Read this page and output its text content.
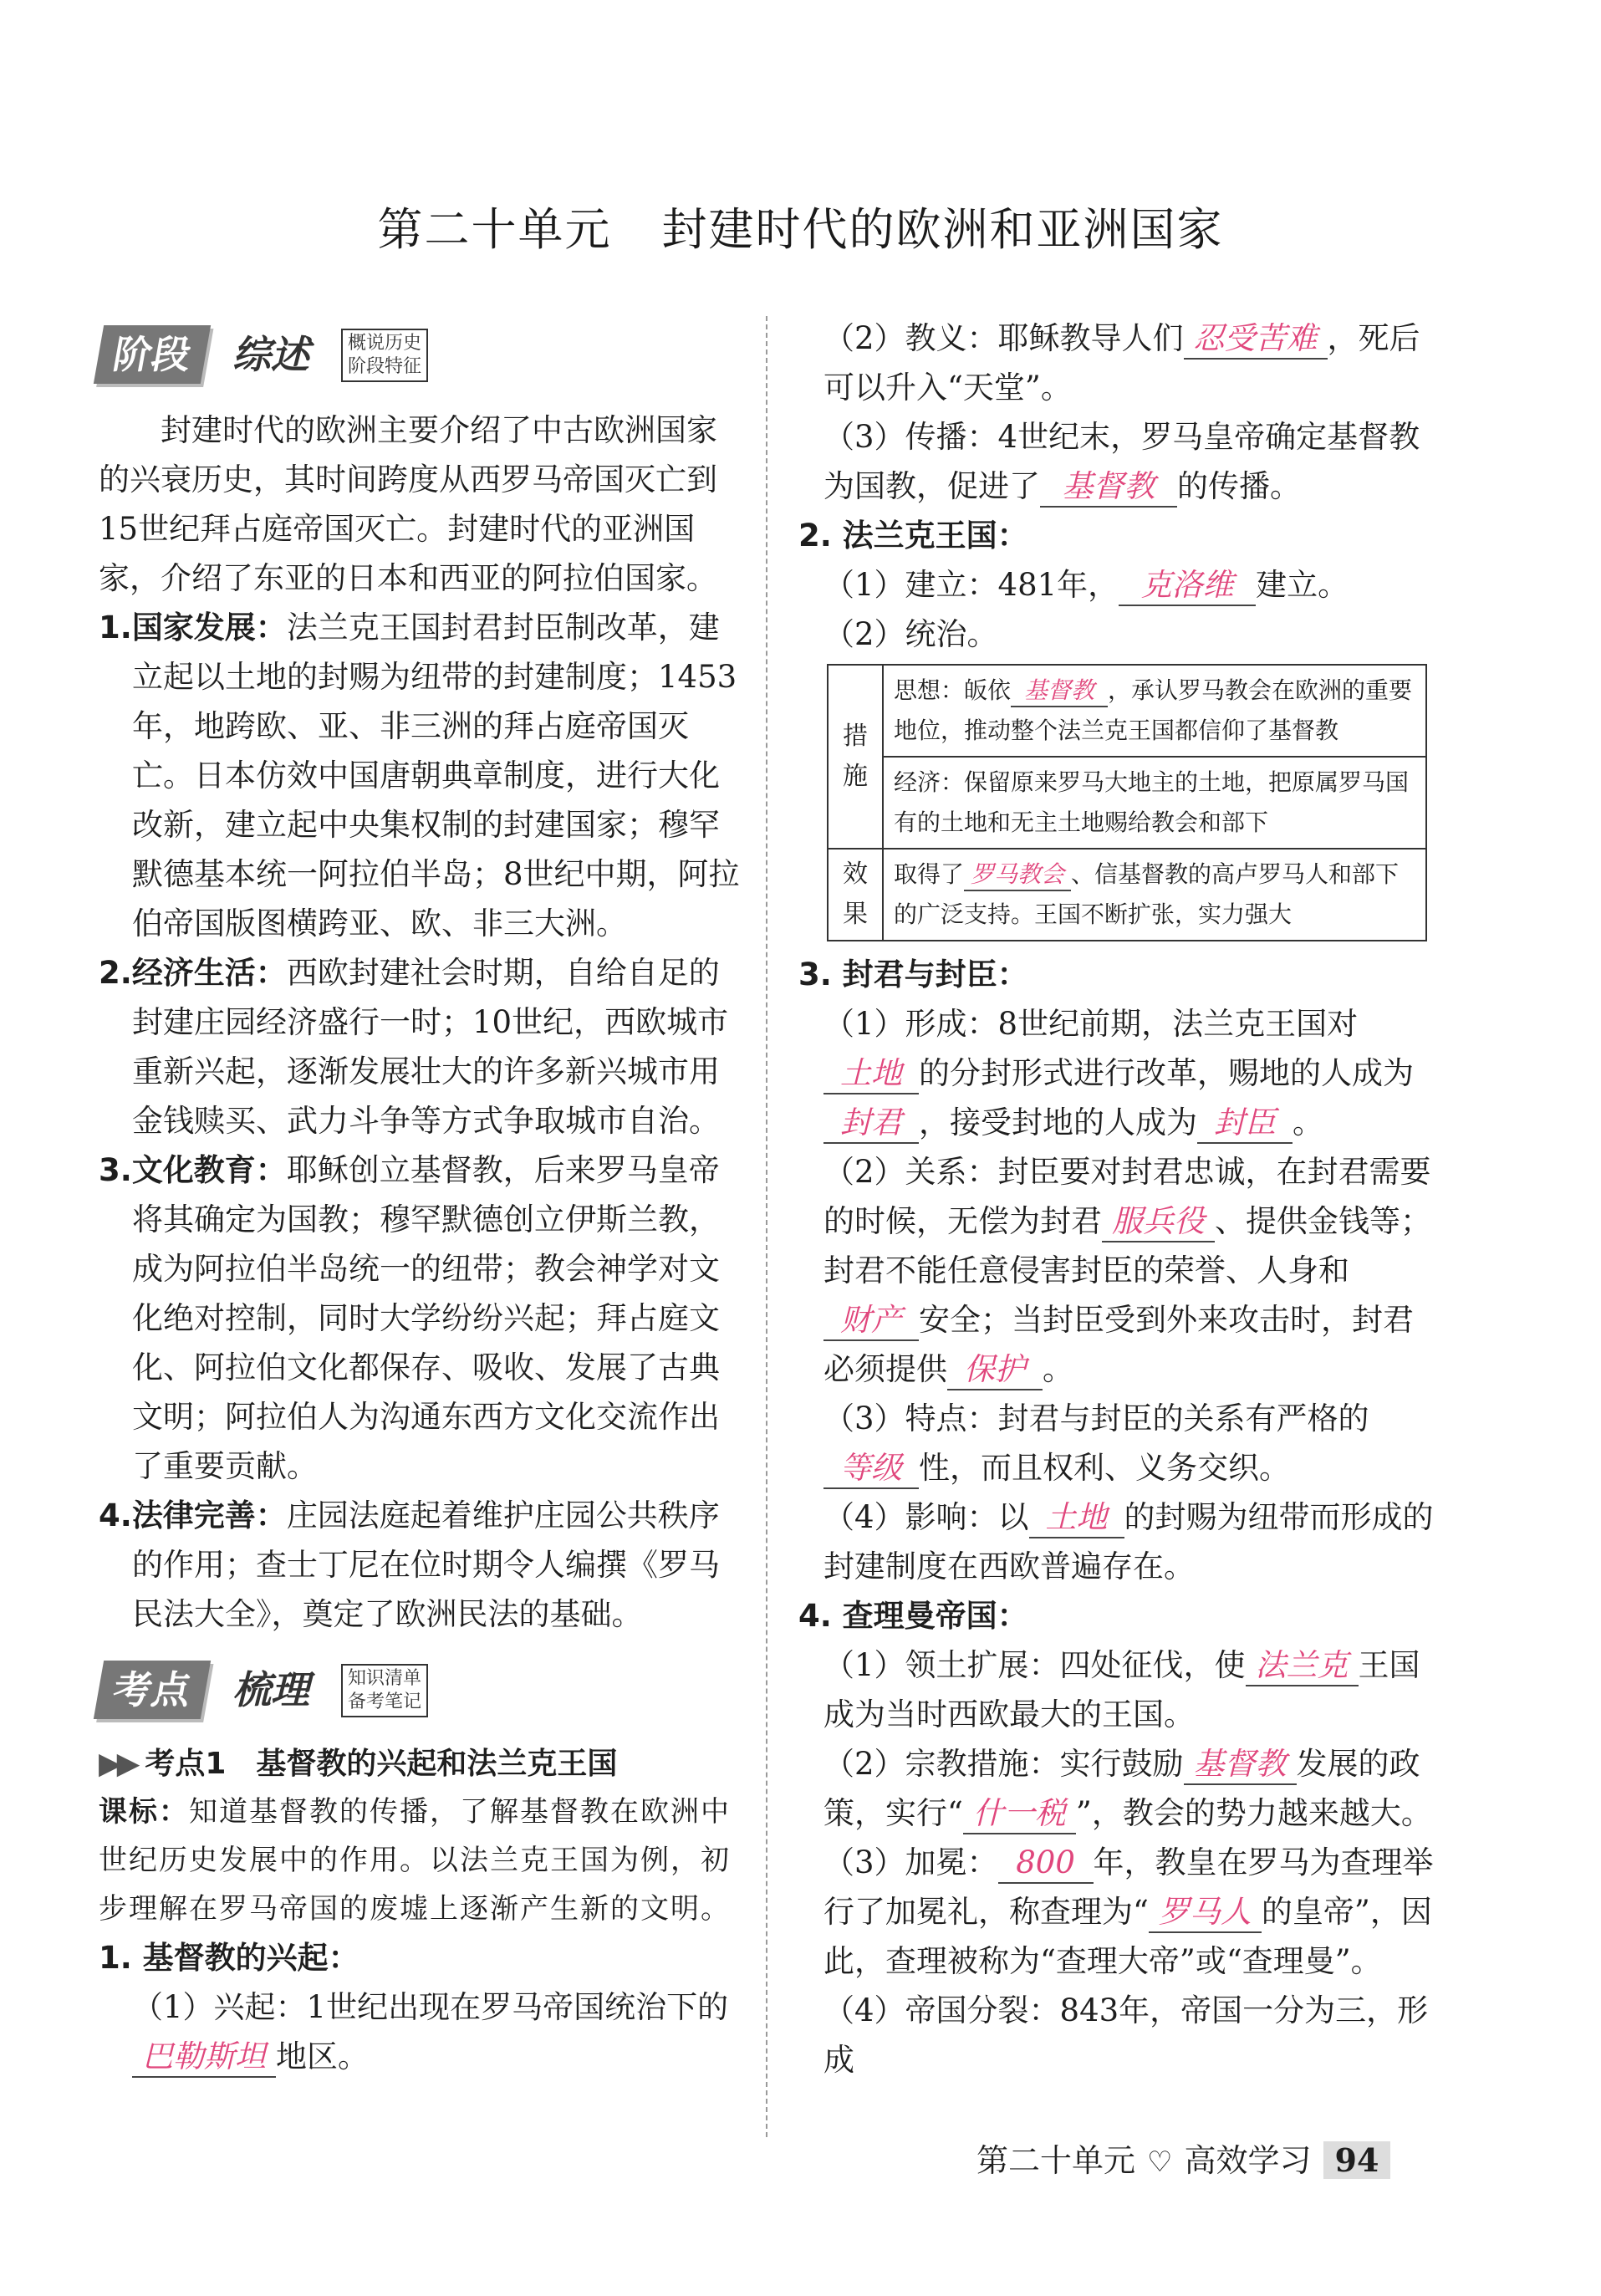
第二十单元 封建时代的欧洲和亚洲国家
阶段 综述 概说历史
阶段特征

封建时代的欧洲主要介绍了中古欧洲国家的兴衰历史，其时间跨度从西罗马帝国灭亡到15世纪拜占庭帝国灭亡。封建时代的亚洲国家，介绍了东亚的日本和西亚的阿拉伯国家。

1.国家发展：法兰克王国封君封臣制改革，建立起以土地的封赐为纽带的封建制度；1453年，地跨欧、亚、非三洲的拜占庭帝国灭亡。日本仿效中国唐朝典章制度，进行大化改新，建立起中央集权制的封建国家；穆罕默德基本统一阿拉伯半岛；8世纪中期，阿拉伯帝国版图横跨亚、欧、非三大洲。

2.经济生活：西欧封建社会时期，自给自足的封建庄园经济盛行一时；10世纪，西欧城市重新兴起，逐渐发展壮大的许多新兴城市用金钱赎买、武力斗争等方式争取城市自治。

3.文化教育：耶稣创立基督教，后来罗马皇帝将其确定为国教；穆罕默德创立伊斯兰教，成为阿拉伯半岛统一的纽带；教会神学对文化绝对控制，同时大学纷纷兴起；拜占庭文化、阿拉伯文化都保存、吸收、发展了古典文明；阿拉伯人为沟通东西方文化交流作出了重要贡献。

4.法律完善：庄园法庭起着维护庄园公共秩序的作用；查士丁尼在位时期令人编撰《罗马民法大全》，奠定了欧洲民法的基础。

考点 梳理 知识清单
备考笔记

▶▶ 考点1　基督教的兴起和法兰克王国

课标：知道基督教的传播，了解基督教在欧洲中世纪历史发展中的作用。以法兰克王国为例，初步理解在罗马帝国的废墟上逐渐产生新的文明。

1. 基督教的兴起：

（1）兴起：1世纪出现在罗马帝国统治下的巴勒斯坦 地区。

（2）教义：耶稣教导人们 忍受苦难 ，死后可以升入“天堂”。

（3）传播：4世纪末，罗马皇帝确定基督教为国教，促进了 基督教 的传播。

2. 法兰克王国：

（1）建立：481年， 克洛维 建立。

（2）统治。

措施	思想：皈依 基督教 ，承认罗马教会在欧洲的重要地位，推动整个法兰克王国都信仰了基督教
	经济：保留原来罗马大地主的土地，把原属罗马国有的土地和无主土地赐给教会和部下
效果	取得了 罗马教会 、信基督教的高卢罗马人和部下的广泛支持。王国不断扩张，实力强大

3. 封君与封臣：

（1）形成：8世纪前期，法兰克王国对土地 的分封形式进行改革，赐地的人成为封君 ，接受封地的人成为 封臣 。

（2）关系：封臣要对封君忠诚，在封君需要的时候，无偿为封君 服兵役 、提供金钱等；封君不能任意侵害封臣的荣誉、人身和财产 安全；当封臣受到外来攻击时，封君必须提供 保护 。

（3）特点：封君与封臣的关系有严格的等级 性，而且权利、义务交织。

（4）影响：以 土地 的封赐为纽带而形成的封建制度在西欧普遍存在。

4. 查理曼帝国：

（1）领土扩展：四处征伐，使 法兰克 王国成为当时西欧最大的王国。

（2）宗教措施：实行鼓励 基督教 发展的政策，实行“ 什一税 ”，教会的势力越来越大。

（3）加冕： 800 年，教皇在罗马为查理举行了加冕礼，称查理为“ 罗马人 的皇帝”，因此，查理被称为“查理大帝”或“查理曼”。

（4）帝国分裂：843年，帝国一分为三，形成

第二十单元 ♡ 高效学习 94
